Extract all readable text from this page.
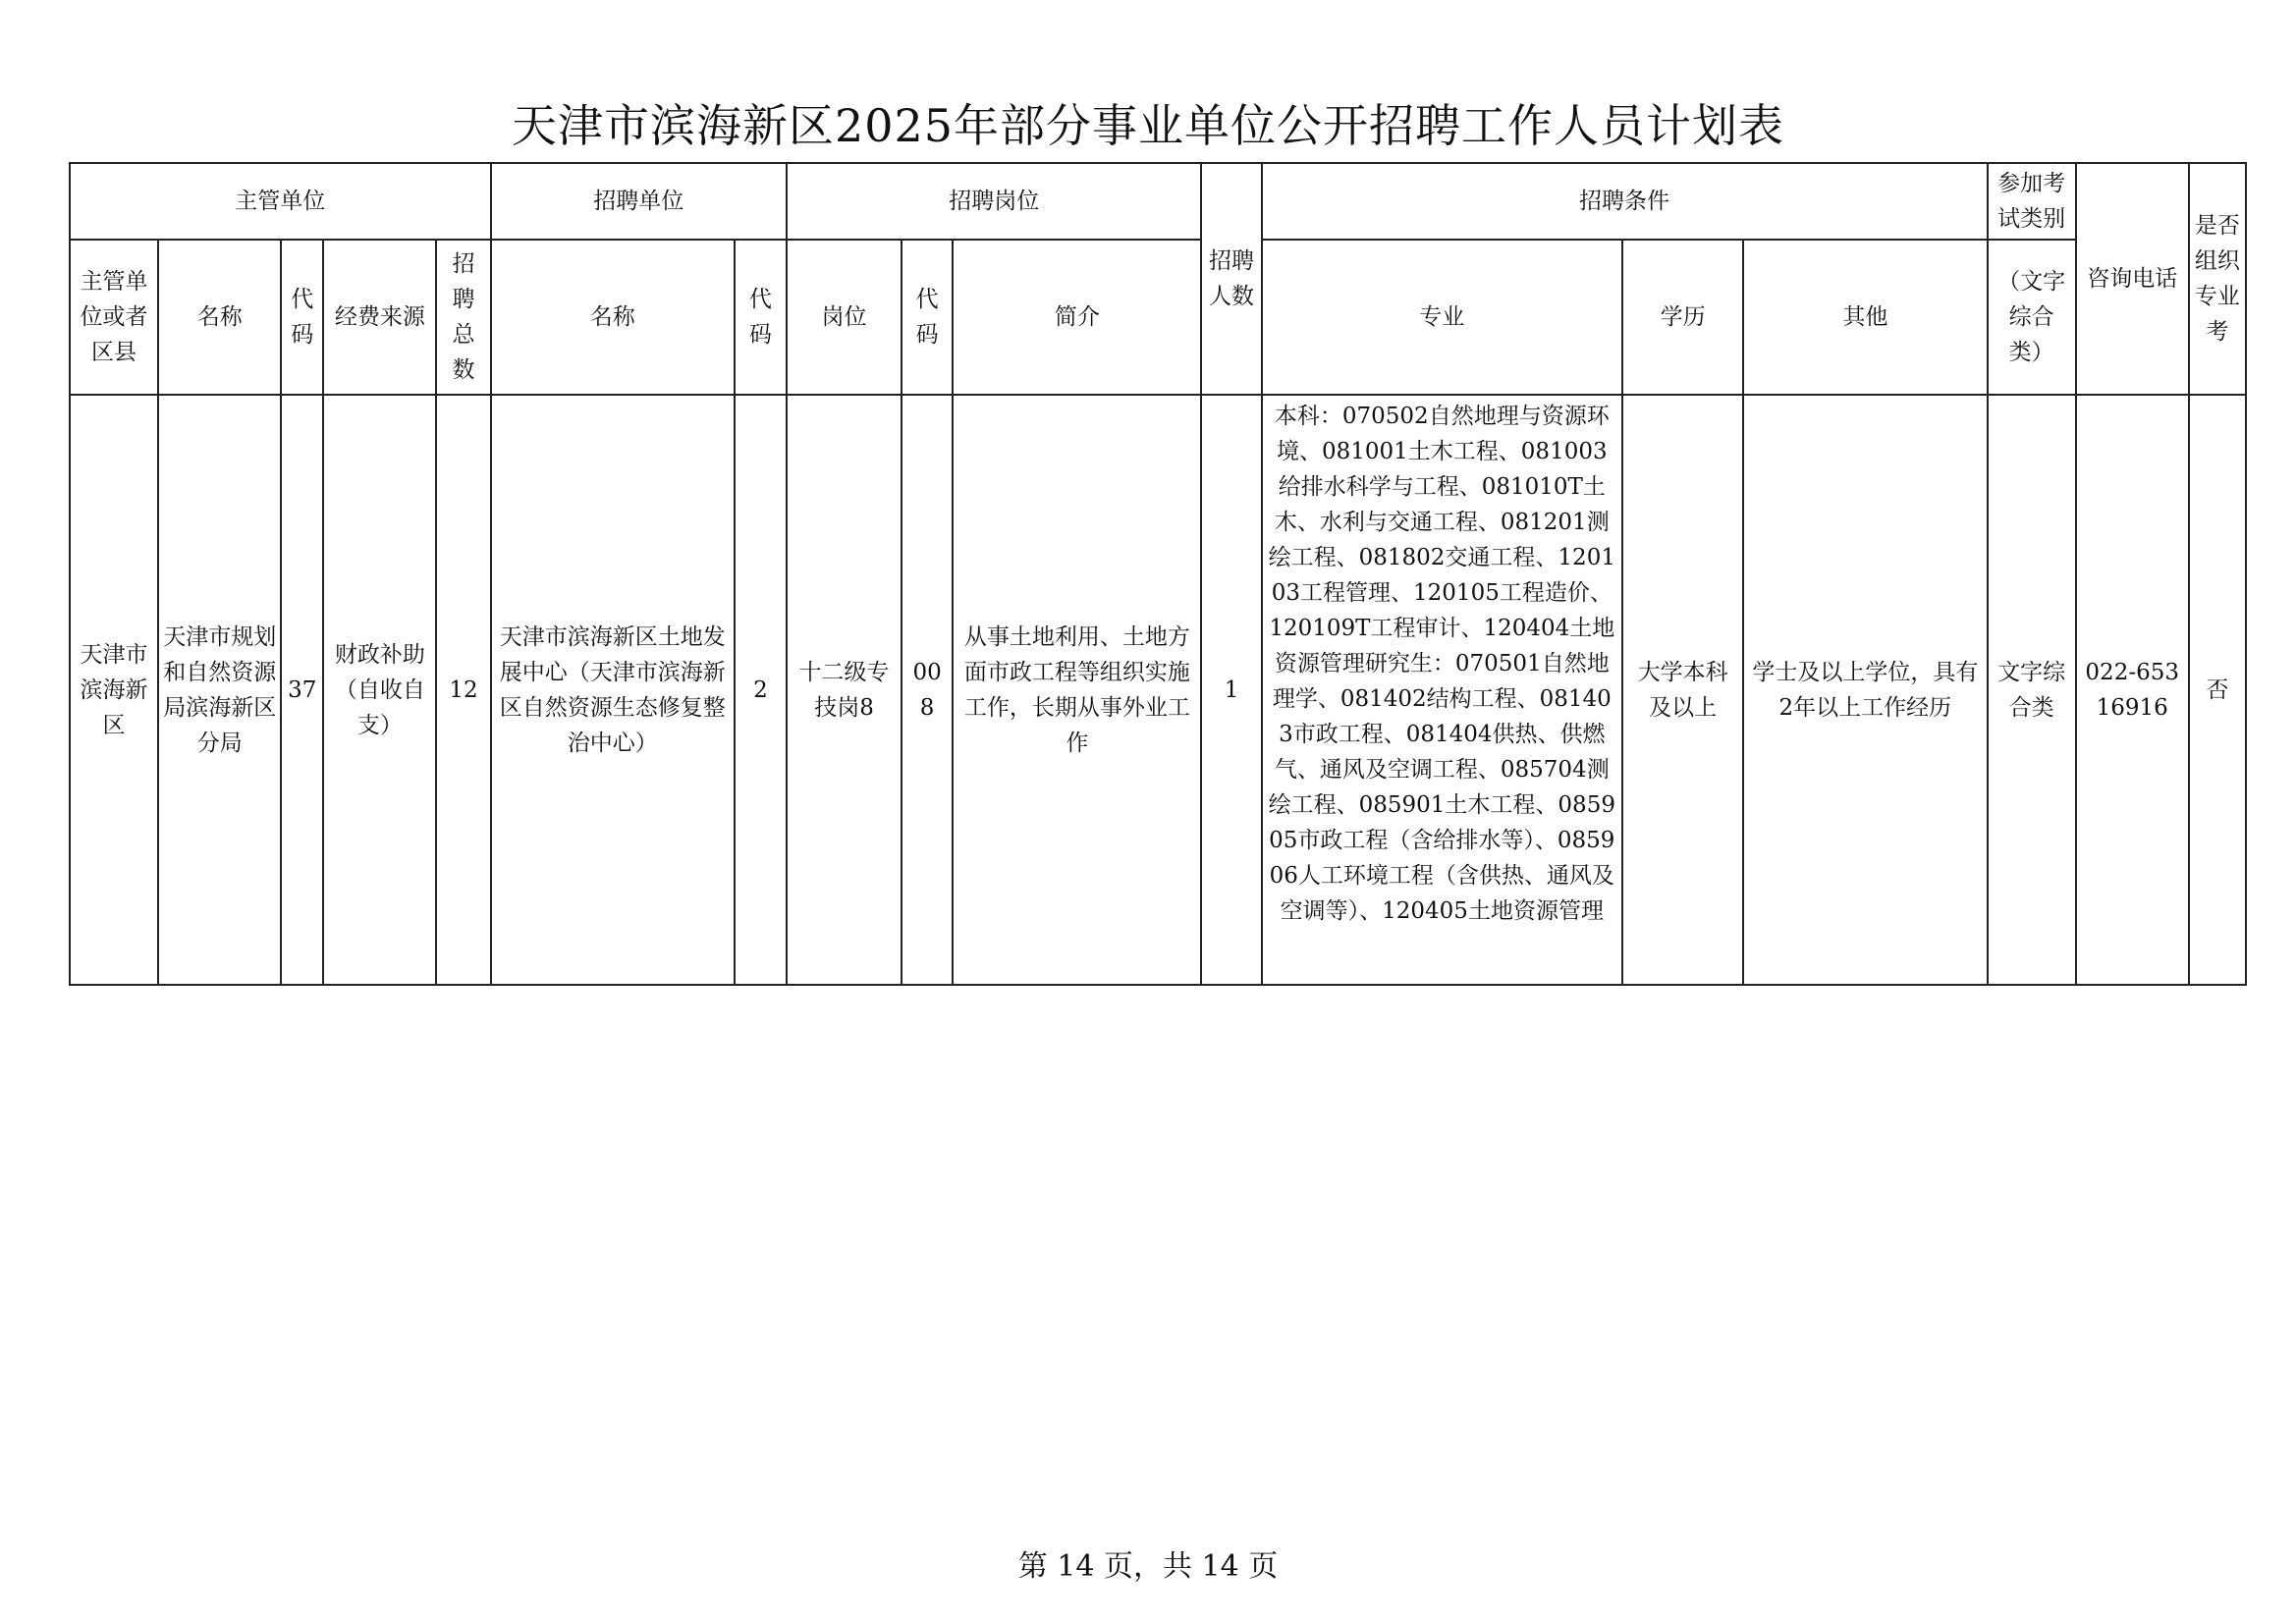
天津市滨海新区2025年部分事业单位公开招聘工作人员计划表
主管单位					招聘单位		招聘岗位			招聘人数	招聘条件			参加考试类别	咨询电话	是否组织专业考
主管单位或者区县	名称	代码	经费来源	招聘总数	名称	代码	岗位	代码	简介		专业	学历	其他	（文字综合类）		
天津市滨海新区	天津市规划和自然资源局滨海新区分局	37	财政补助（自收自支）	12	天津市滨海新区土地发展中心（天津市滨海新区自然资源生态修复整治中心）	2	十二级专技岗8	008	从事土地利用、土地方面市政工程等组织实施工作，长期从事外业工作	1	本科：070502自然地理与资源环境、081001土木工程、081003给排水科学与工程、081010T土木、水利与交通工程、081201测绘工程、081802交通工程、120103工程管理、120105工程造价、120109T工程审计、120404土地资源管理研究生：070501自然地理学、081402结构工程、081403市政工程、081404供热、供燃气、通风及空调工程、085704测绘工程、085901土木工程、085905市政工程（含给排水等）、085906人工环境工程（含供热、通风及空调等）、120405土地资源管理	大学本科及以上	学士及以上学位，具有2年以上工作经历	文字综合类	022-65316916	否
第 14 页，共 14 页
